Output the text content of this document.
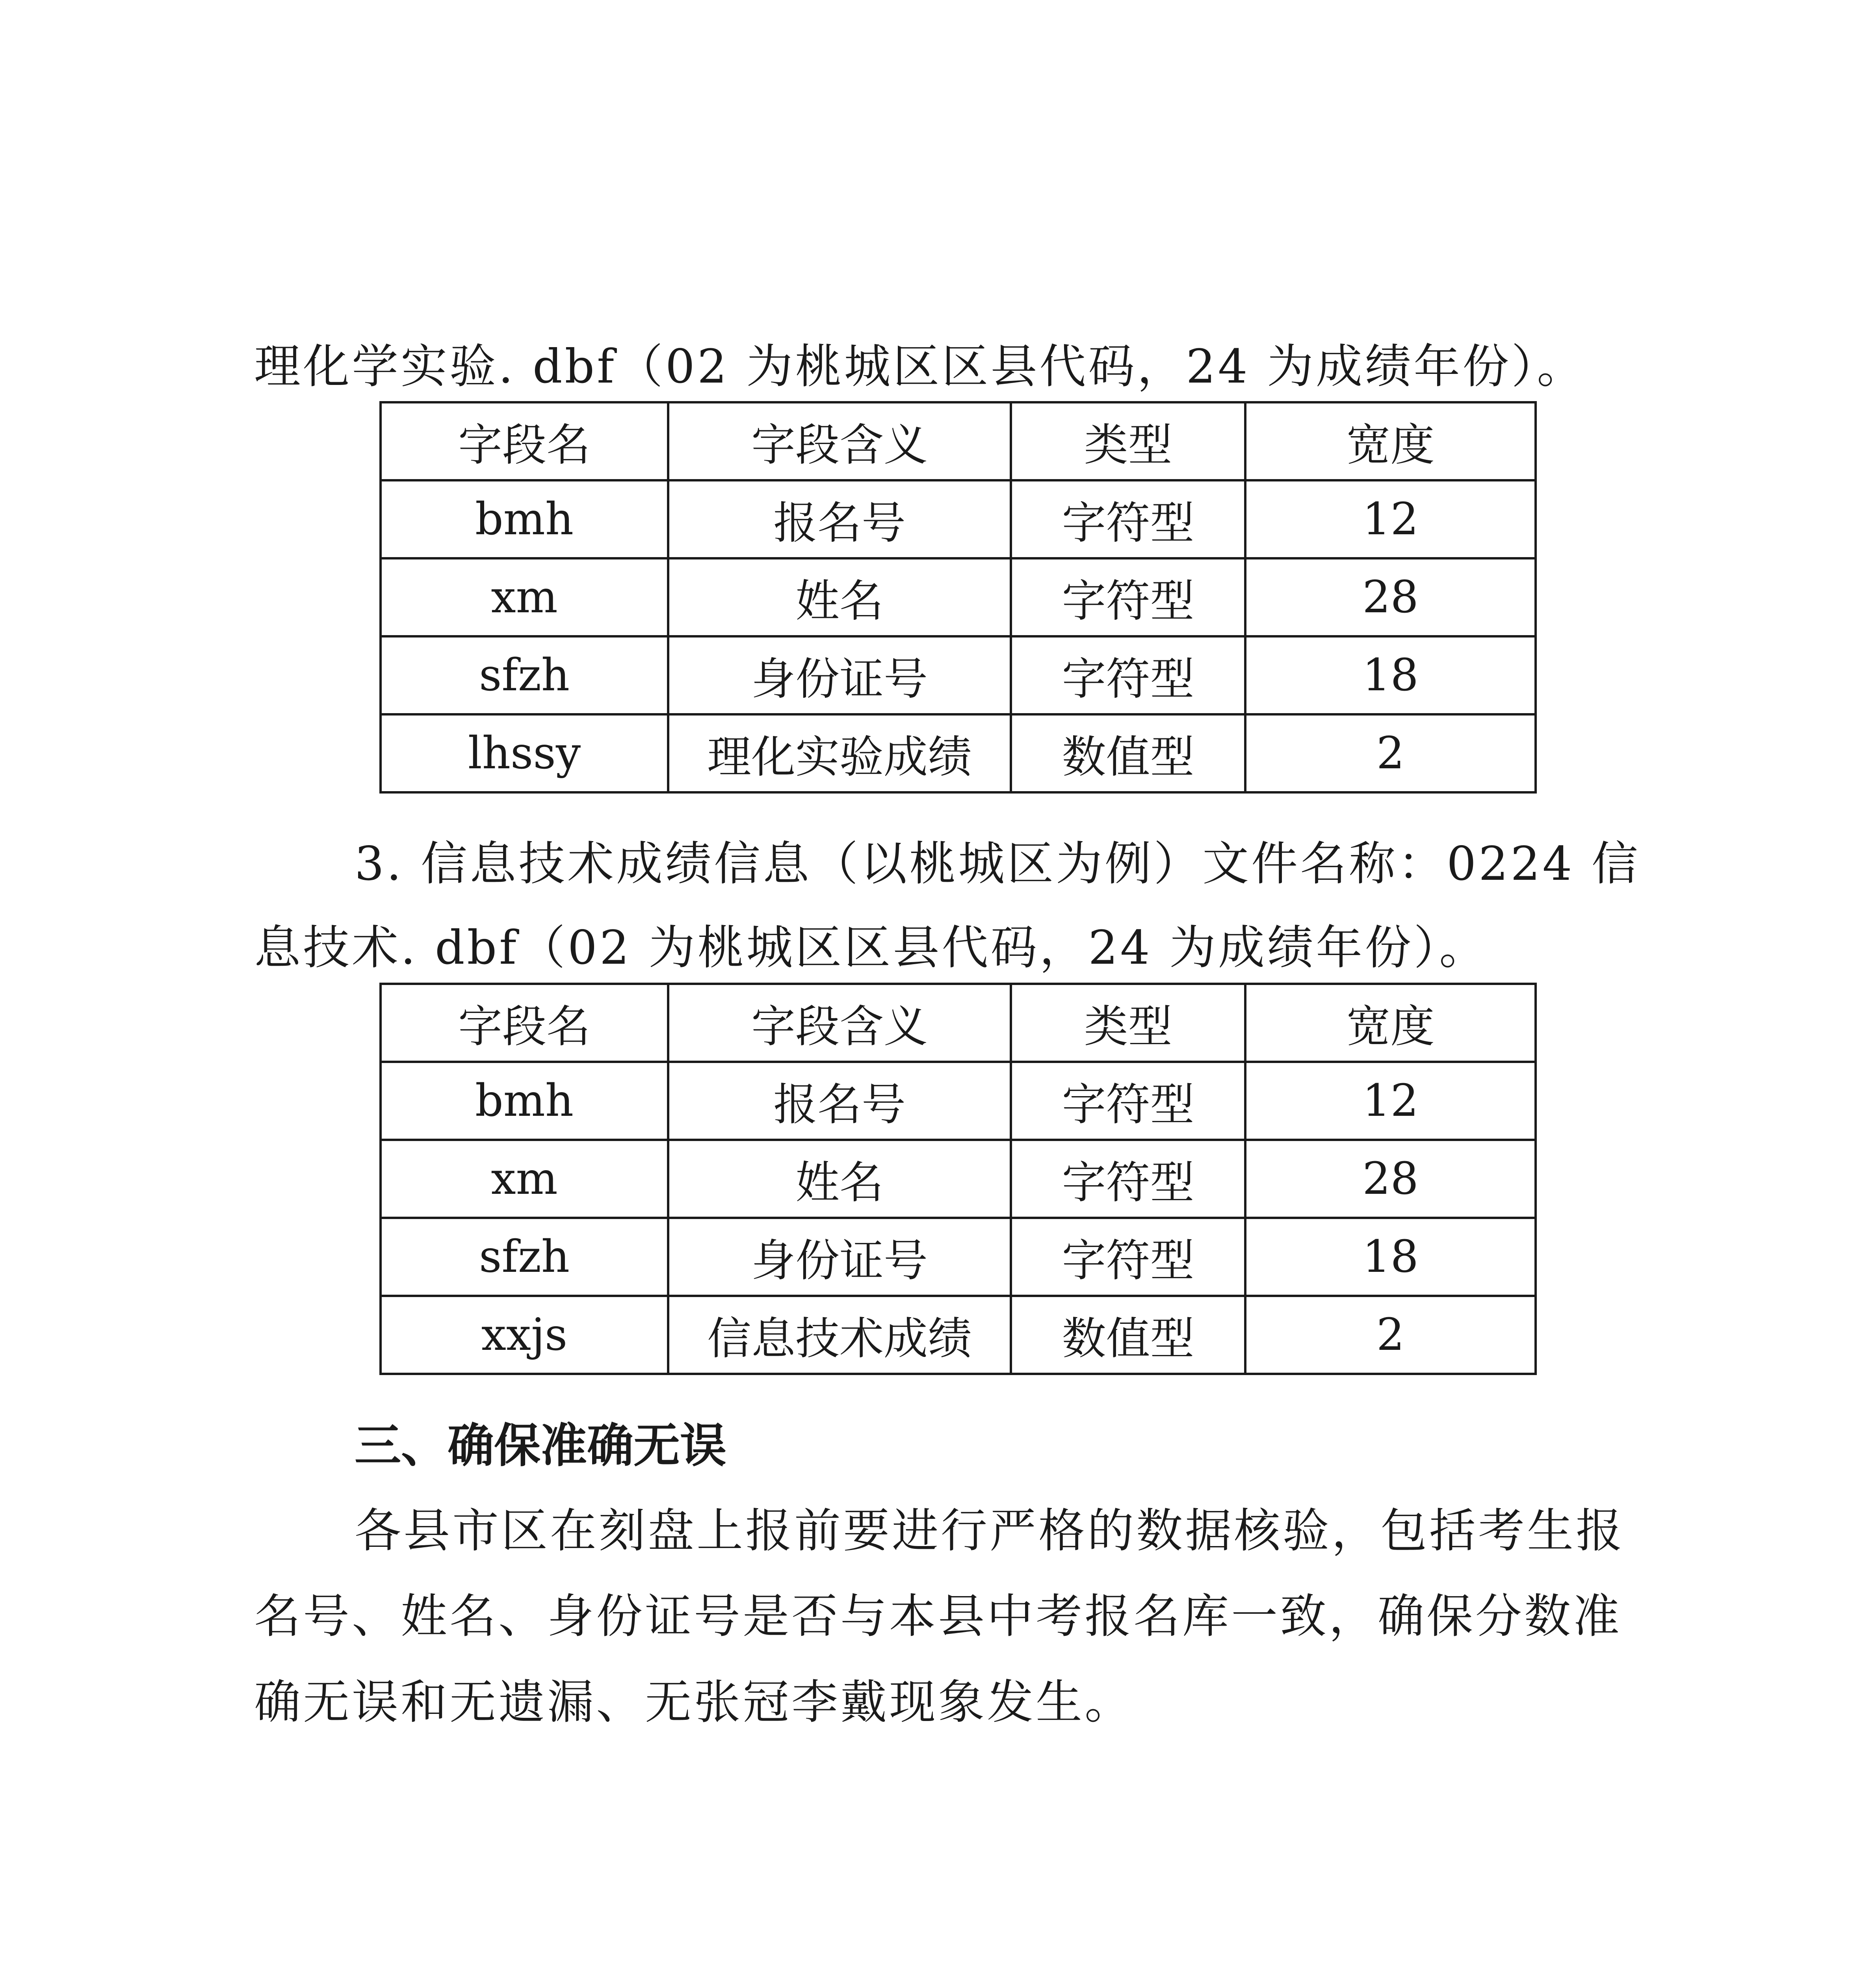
理化学实验. dbf（02 为桃城区区县代码，24 为成绩年份）。
字段名	字段含义	类型	宽度
bmh	报名号	字符型	12
xm	姓名	字符型	28
sfzh	身份证号	字符型	18
lhssy	理化实验成绩	数值型	2
3. 信息技术成绩信息（以桃城区为例）文件名称：0224 信
息技术. dbf（02 为桃城区区县代码，24 为成绩年份）。
字段名	字段含义	类型	宽度
bmh	报名号	字符型	12
xm	姓名	字符型	28
sfzh	身份证号	字符型	18
xxjs	信息技术成绩	数值型	2
三、确保准确无误
各县市区在刻盘上报前要进行严格的数据核验，包括考生报
名号、姓名、身份证号是否与本县中考报名库一致，确保分数准
确无误和无遗漏、无张冠李戴现象发生。
